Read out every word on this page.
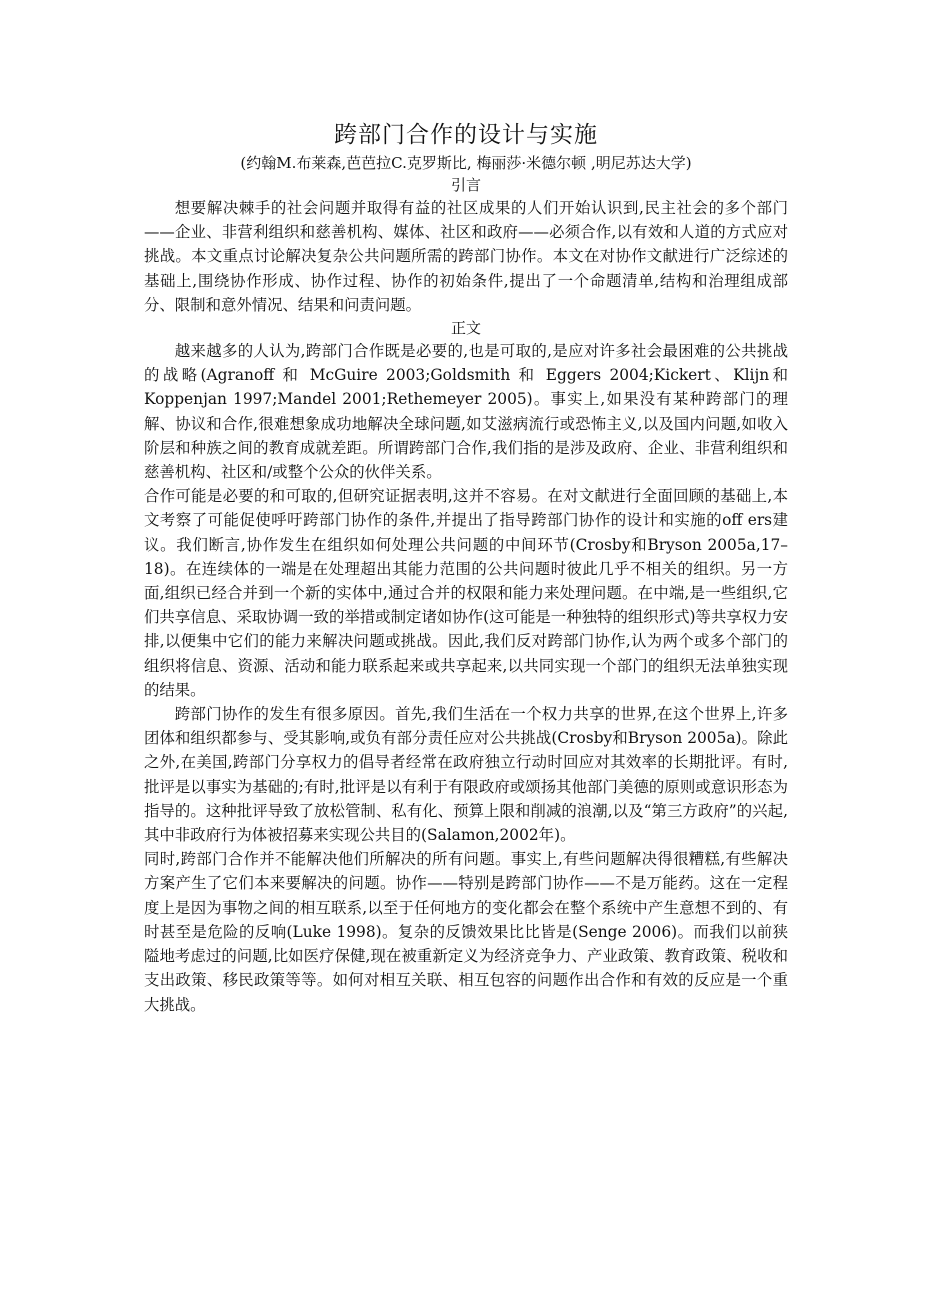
跨部门合作的设计与实施

(约翰M.布莱森,芭芭拉C.克罗斯比, 梅丽莎·米德尔顿 ,明尼苏达大学)

引言

想要解决棘手的社会问题并取得有益的社区成果的人们开始认识到,民主社会的多个部门——企业、非营利组织和慈善机构、媒体、社区和政府——必须合作,以有效和人道的方式应对挑战。本文重点讨论解决复杂公共问题所需的跨部门协作。本文在对协作文献进行广泛综述的基础上,围绕协作形成、协作过程、协作的初始条件,提出了一个命题清单,结构和治理组成部分、限制和意外情况、结果和问责问题。

正文

越来越多的人认为,跨部门合作既是必要的,也是可取的,是应对许多社会最困难的公共挑战的战略(Agranoff 和 McGuire 2003;Goldsmith 和 Eggers 2004;Kickert、Klijn和Koppenjan 1997;Mandel 2001;Rethemeyer 2005)。事实上,如果没有某种跨部门的理解、协议和合作,很难想象成功地解决全球问题,如艾滋病流行或恐怖主义,以及国内问题,如收入阶层和种族之间的教育成就差距。所谓跨部门合作,我们指的是涉及政府、企业、非营利组织和慈善机构、社区和/或整个公众的伙伴关系。

合作可能是必要的和可取的,但研究证据表明,这并不容易。在对文献进行全面回顾的基础上,本文考察了可能促使呼吁跨部门协作的条件,并提出了指导跨部门协作的设计和实施的off ers建议。我们断言,协作发生在组织如何处理公共问题的中间环节(Crosby和Bryson 2005a,17–18)。在连续体的一端是在处理超出其能力范围的公共问题时彼此几乎不相关的组织。另一方面,组织已经合并到一个新的实体中,通过合并的权限和能力来处理问题。在中端,是一些组织,它们共享信息、采取协调一致的举措或制定诸如协作(这可能是一种独特的组织形式)等共享权力安排,以便集中它们的能力来解决问题或挑战。因此,我们反对跨部门协作,认为两个或多个部门的组织将信息、资源、活动和能力联系起来或共享起来,以共同实现一个部门的组织无法单独实现的结果。

跨部门协作的发生有很多原因。首先,我们生活在一个权力共享的世界,在这个世界上,许多团体和组织都参与、受其影响,或负有部分责任应对公共挑战(Crosby和Bryson 2005a)。除此之外,在美国,跨部门分享权力的倡导者经常在政府独立行动时回应对其效率的长期批评。有时,批评是以事实为基础的;有时,批评是以有利于有限政府或颂扬其他部门美德的原则或意识形态为指导的。这种批评导致了放松管制、私有化、预算上限和削减的浪潮,以及“第三方政府”的兴起,其中非政府行为体被招募来实现公共目的(Salamon,2002年)。

同时,跨部门合作并不能解决他们所解决的所有问题。事实上,有些问题解决得很糟糕,有些解决方案产生了它们本来要解决的问题。协作——特别是跨部门协作——不是万能药。这在一定程度上是因为事物之间的相互联系,以至于任何地方的变化都会在整个系统中产生意想不到的、有时甚至是危险的反响(Luke 1998)。复杂的反馈效果比比皆是(Senge 2006)。而我们以前狭隘地考虑过的问题,比如医疗保健,现在被重新定义为经济竞争力、产业政策、教育政策、税收和支出政策、移民政策等等。如何对相互关联、相互包容的问题作出合作和有效的反应是一个重大挑战。
